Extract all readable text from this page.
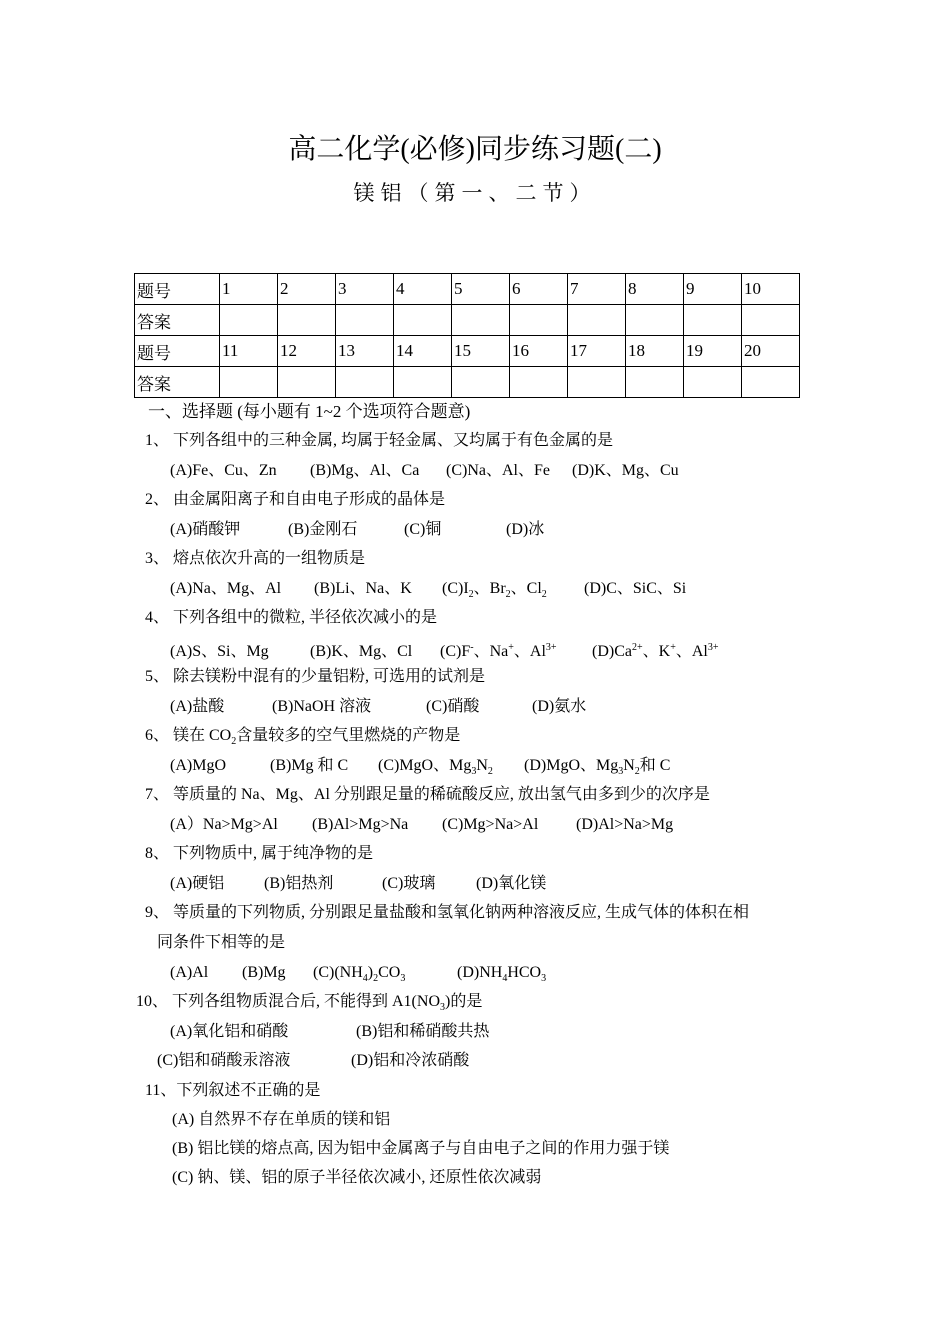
高二化学(必修)同步练习题(二)
镁铝（第一、二节）
题号	1	2	3	4	5	6	7	8	9	10
答案										
题号	11	12	13	14	15	16	17	18	19	20
答案										
一、选择题 (每小题有 1~2 个选项符合题意)
1、 下列各组中的三种金属, 均属于轻金属、又均属于有色金属的是
(A)Fe、Cu、Zn (B)Mg、Al、Ca (C)Na、Al、Fe (D)K、Mg、Cu
2、 由金属阳离子和自由电子形成的晶体是
(A)硝酸钾	(B)金刚石	(C)铜	(D)冰
3、 熔点依次升高的一组物质是
(A)Na、Mg、Al (B)Li、Na、K $(C)I_2$、$Br_2$、$Cl_2$ (D)C、SiC、Si
4、 下列各组中的微粒, 半径依次减小的是
(A)S、Si、Mg	(B)K、Mg、Cl (C)F-、Na+、$Al^{3+}$ $(D)Ca^{2+}$、K+、$Al^{3+}$
5、 除去镁粉中混有的少量铝粉, 可选用的试剂是
(A)盐酸	(B)NaOH 溶液	(C)硝酸	(D)氨水
6、 镁在 $CO_2$含量较多的空气里燃烧的产物是
(A)MgO	(B)Mg 和 C (C)MgO、$Mg_3N_2$ (D)MgO、$Mg_3N_2$和 C
7、 等质量的 Na、Mg、Al 分别跟足量的稀硫酸反应, 放出氢气由多到少的次序是
(A）Na>Mg>Al (B)Al>Mg>Na (C)Mg>Na>Al (D)Al>Na>Mg
8、 下列物质中, 属于纯净物的是
(A)硬铝 (B)铝热剂	(C)玻璃	(D)氧化镁
9、 等质量的下列物质, 分别跟足量盐酸和氢氧化钠两种溶液反应, 生成气体的体积在相
同条件下相等的是
(A)Al (B)Mg $(C)(NH_4)_2CO_3$	$(D)NH_4HCO_3$
10、 下列各组物质混合后, 不能得到 $A1(NO_3)$的是
(A)氧化铝和硝酸	(B)铝和稀硝酸共热
(C)铝和硝酸汞溶液	(D)铝和冷浓硝酸
11、下列叙述不正确的是
(A) 自然界不存在单质的镁和铝
(B) 铝比镁的熔点高, 因为铝中金属离子与自由电子之间的作用力强于镁
(C) 钠、镁、铝的原子半径依次减小, 还原性依次减弱
